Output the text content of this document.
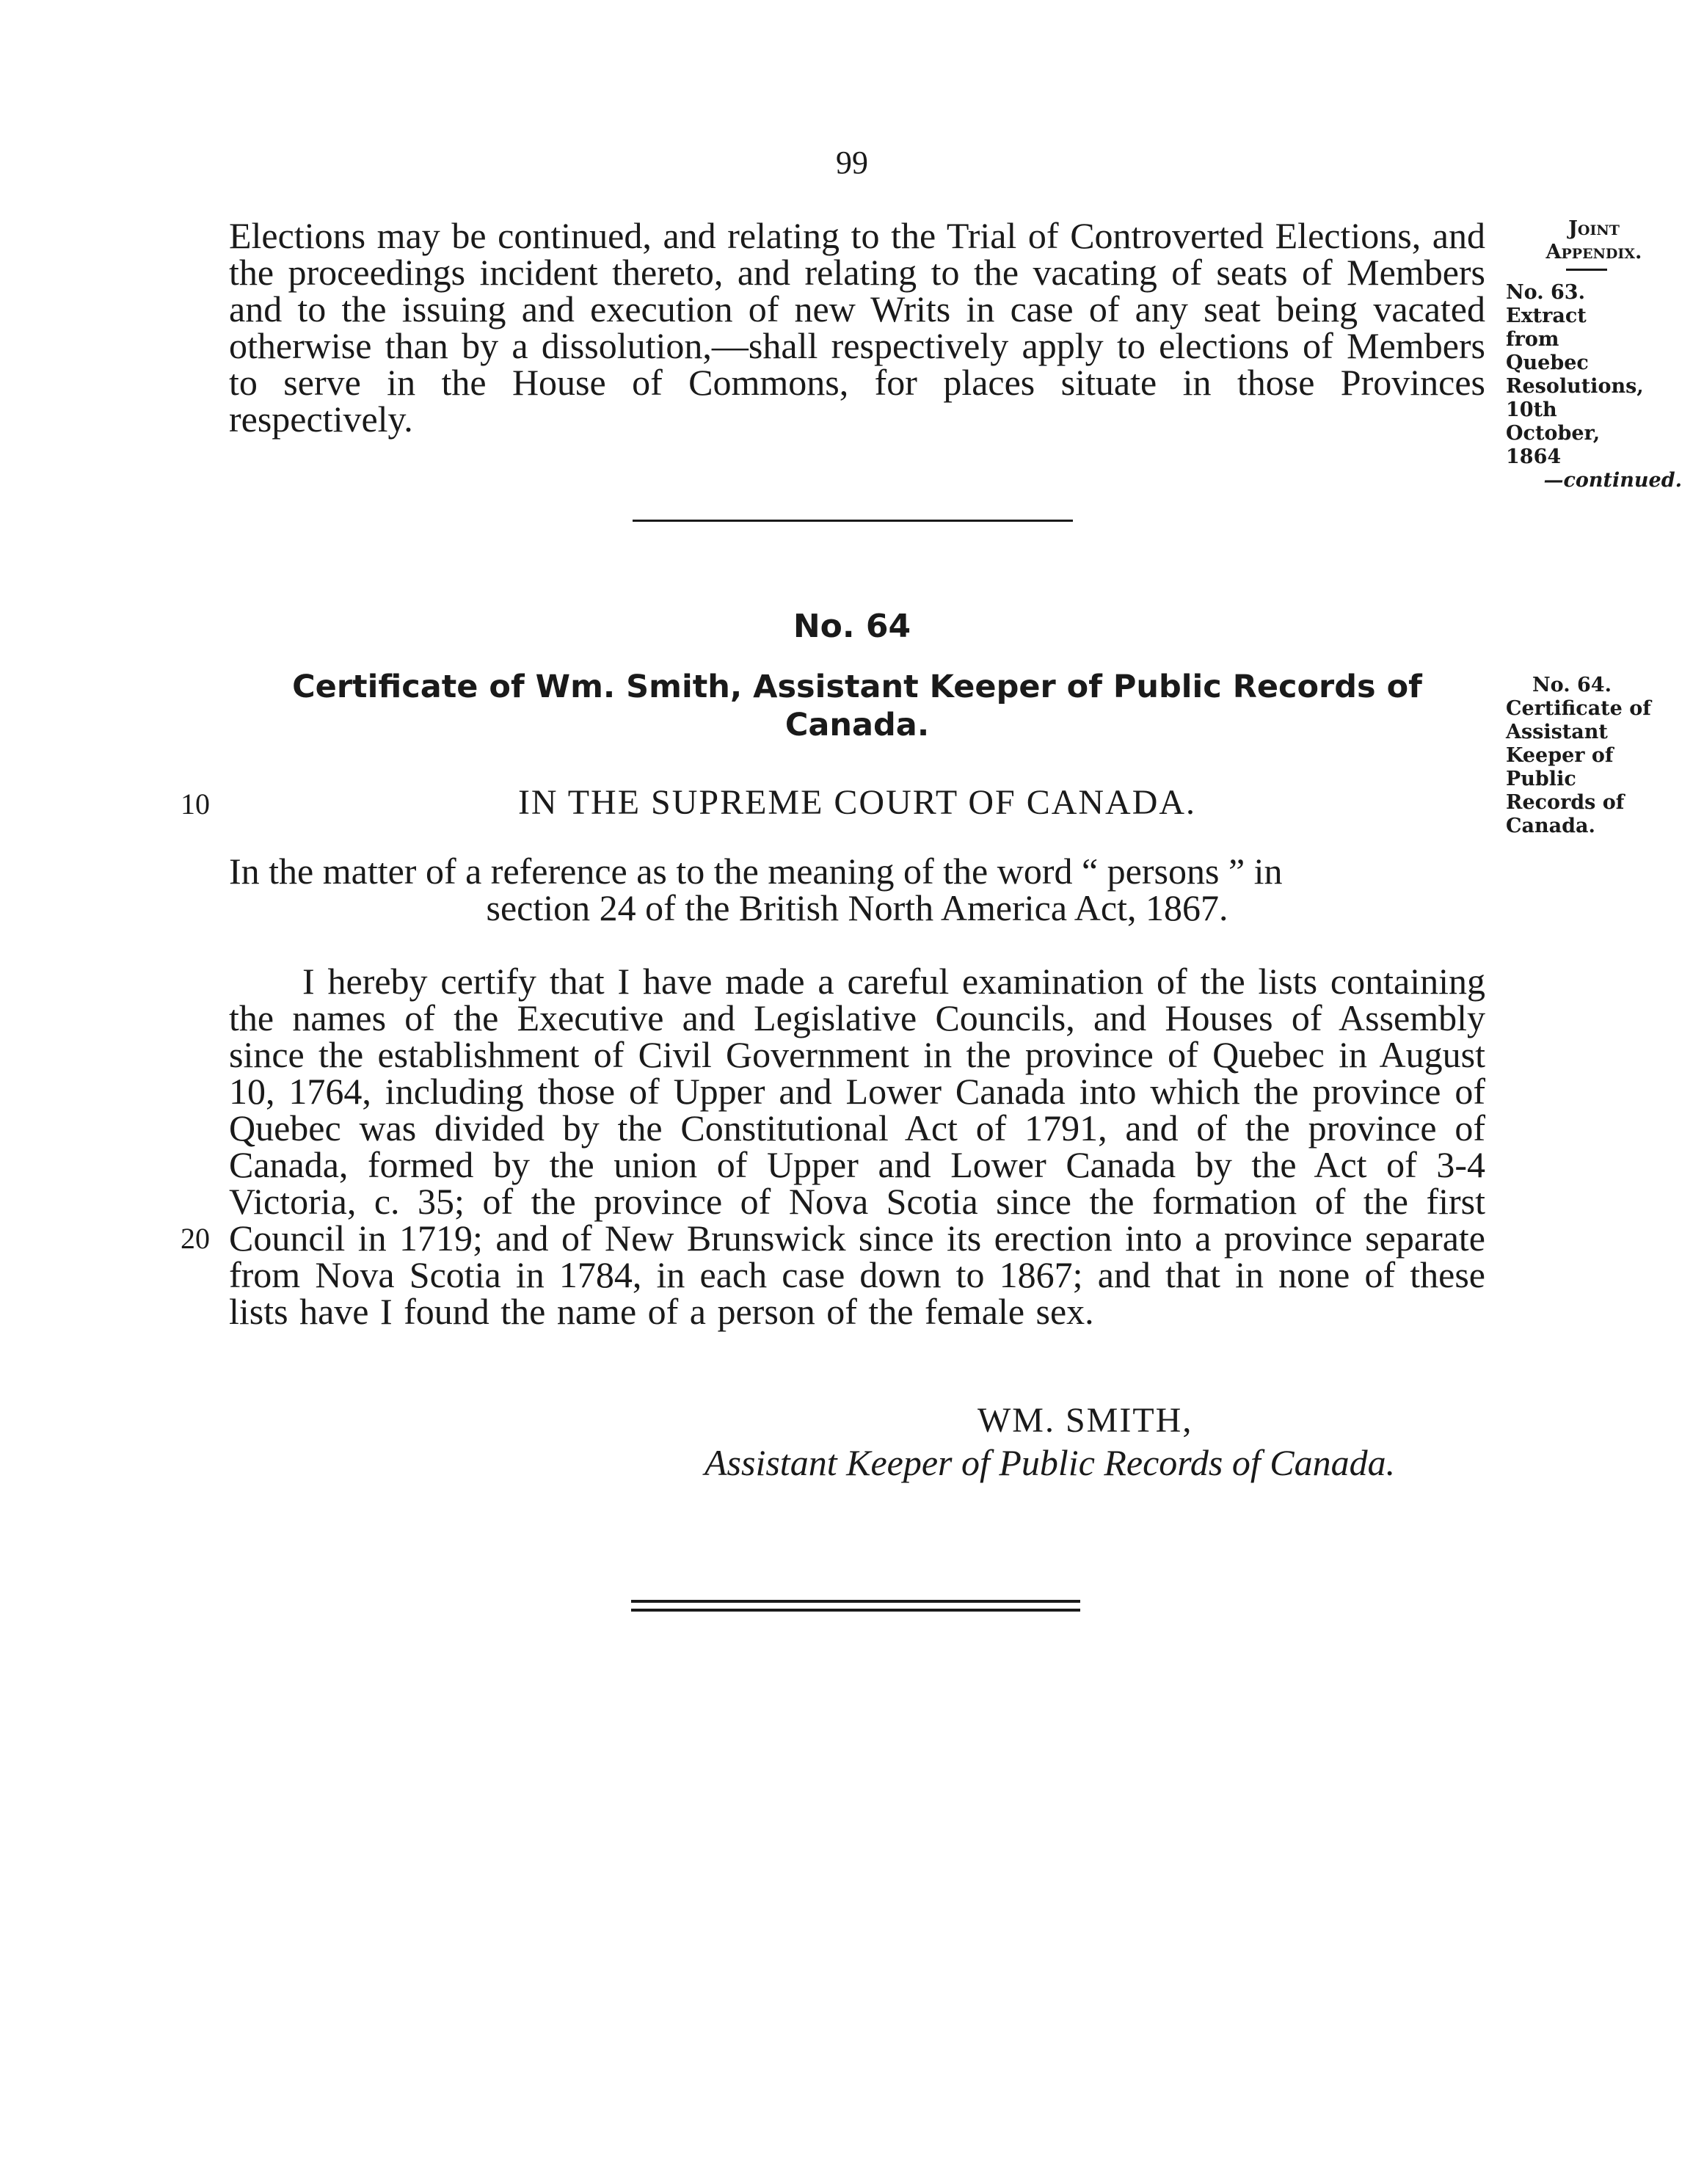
99
Elections may be continued, and relating to the Trial of Controverted Elections, and the proceedings incident thereto, and relating to the vacating of seats of Members and to the issuing and execution of new Writs in case of any seat being vacated otherwise than by a dissolution,—shall respectively apply to elections of Members to serve in the House of Commons, for places situate in those Provinces respectively.
Joint
Appendix.
No. 63.
Extract
from
Quebec
Resolutions,
10th
October,
1864
—continued.
No. 64
Certificate of Wm. Smith, Assistant Keeper of Public Records of
Canada.
No. 64.
Certificate of
Assistant
Keeper of
Public
Records of
Canada.
10	IN THE SUPREME COURT OF CANADA.
In the matter of a reference as to the meaning of the word “ persons ” in
section 24 of the British North America Act, 1867.
I hereby certify that I have made a careful examination of the lists containing the names of the Executive and Legislative Councils, and Houses of Assembly since the establishment of Civil Government in the province of Quebec in August 10, 1764, including those of Upper and Lower Canada into which the province of Quebec was divided by the Constitutional Act of 1791, and of the province of Canada, formed by the union of Upper and Lower Canada by the Act of 3-4 Victoria, c. 35; of the province of Nova Scotia since the formation of the first Council in 1719; and of New Brunswick since its erection into a province separate from Nova Scotia in 1784, in each case down to 1867; and that in none of these lists have I found the name of a person of the female sex.
20
WM. SMITH,
Assistant Keeper of Public Records of Canada.
